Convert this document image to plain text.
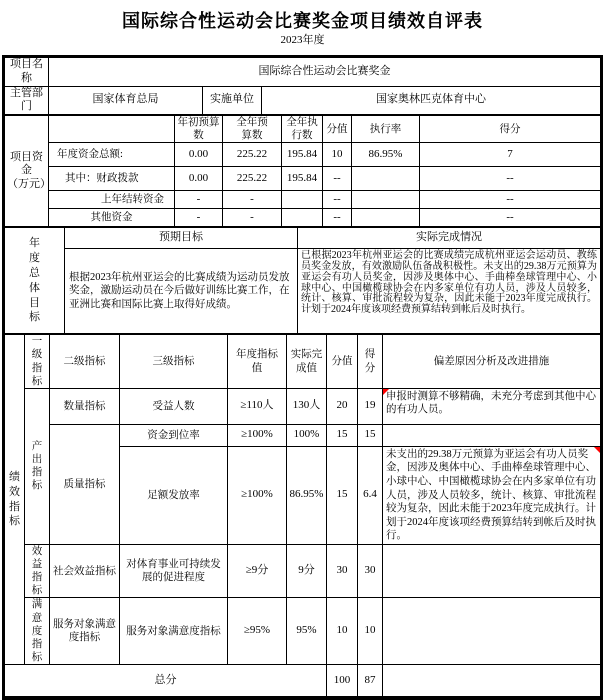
国际综合性运动会比赛奖金项目绩效自评表
2023年度
项目名称	国际综合性运动会比赛奖金		
主管部门	国家体育总局	实施单位	国家奥林匹克体育中心
项目资金
（万元）		年初预算数	全年预算数	全年执行数	分值	执行率	得分
	年度资金总额:	0.00	225.22	195.84	10	86.95%	7
	其中：财政拨款	0.00	225.22	195.84	--		--
	上年结转资金	-	-		--		--
	其他资金	-	-		--		--
年度总体目标	预期目标	实际完成情况
	根据2023年杭州亚运会的比赛成绩为运动员发放奖金，激励运动员在今后做好训练比赛工作，在亚洲比赛和国际比赛上取得好成绩。	已根据2023年杭州亚运会的比赛成绩完成杭州亚运会运动员、教练员奖金发放，有效激励队伍备战积极性。未支出的29.38万元预算为亚运会有功人员奖金，因涉及奥体中心、手曲棒垒球管理中心、小球中心、中国橄榄球协会在内多家单位有功人员，涉及人员较多，统计、核算、审批流程较为复杂，因此未能于2023年度完成执行。计划于2024年度该项经费预算结转到帐后及时执行。
绩效指标	一级指标	二级指标	三级指标	年度指标值	实际完成值	分值	得分	偏差原因分析及改进措施
	产出指标	数量指标	受益人数	≥110人	130人	20	19	申报时测算不够精确，未充分考虑到其他中心的有功人员。
		质量指标	资金到位率	≥100%	100%	15	15	
			足额发放率	≥100%	86.95%	15	6.4	未支出的29.38万元预算为亚运会有功人员奖金，因涉及奥体中心、手曲棒垒球管理中心、小球中心、中国橄榄球协会在内多家单位有功人员，涉及人员较多，统计、核算、审批流程较为复杂，因此未能于2023年度完成执行。计划于2024年度该项经费预算结转到帐后及时执行。
	效益指标	社会效益指标	对体育事业可持续发展的促进程度	≥9分	9分	30	30	
	满意度指标	服务对象满意度指标	服务对象满意度指标	≥95%	95%	10	10	
总分						100	87	
